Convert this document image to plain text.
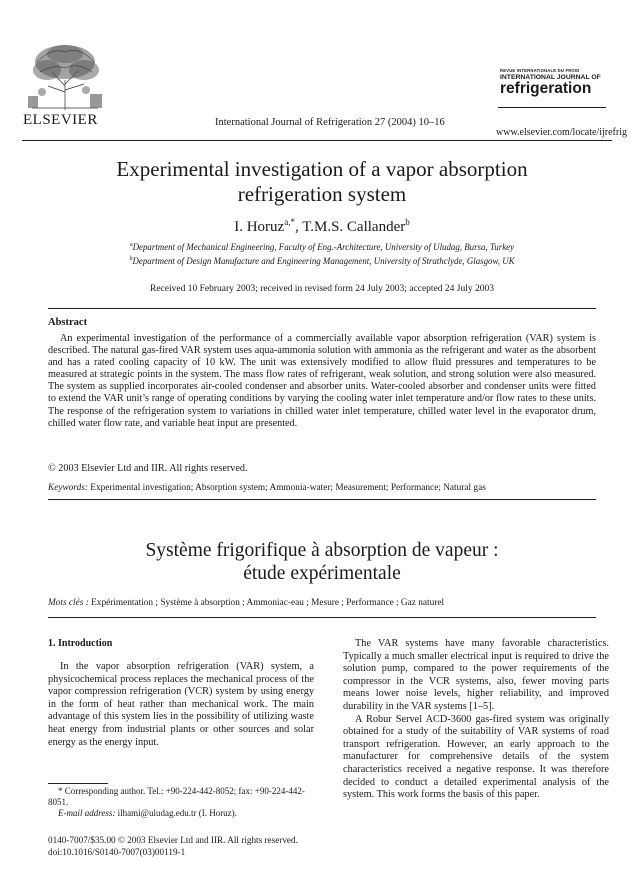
ELSEVIER	International Journal of Refrigeration 27 (2004) 10–16
REVUE INTERNATIONALE DU FROID
INTERNATIONAL JOURNAL OF
refrigeration
www.elsevier.com/locate/ijrefrig
Experimental investigation of a vapor absorption
refrigeration system
I. Horuz$^{a,*}$, T.M.S. Callander$^b$
$^a$Department of Mechanical Engineering, Faculty of Eng.-Architecture, University of Uludag, Bursa, Turkey
$^b$Department of Design Manufacture and Engineering Management, University of Strathclyde, Glasgow, UK
Received 10 February 2003; received in revised form 24 July 2003; accepted 24 July 2003
Abstract
An experimental investigation of the performance of a commercially available vapor absorption refrigeration (VAR) system is described. The natural gas-fired VAR system uses aqua-ammonia solution with ammonia as the refrigerant and water as the absorbent and has a rated cooling capacity of 10 kW. The unit was extensively modified to allow fluid pressures and temperatures to be measured at strategic points in the system. The mass flow rates of refrigerant, weak solution, and strong solution were also measured. The system as supplied incorporates air-cooled condenser and absorber units. Water-cooled absorber and condenser units were fitted to extend the VAR unit’s range of operating conditions by varying the cooling water inlet temperature and/or flow rates to these units. The response of the refrigeration system to variations in chilled water inlet temperature, chilled water level in the evaporator drum, chilled water flow rate, and variable heat input are presented.
© 2003 Elsevier Ltd and IIR. All rights reserved.
Keywords: Experimental investigation; Absorption system; Ammonia-water; Measurement; Performance; Natural gas
Système frigorifique à absorption de vapeur :
étude expérimentale
Mots clés : Expérimentation ; Système à absorption ; Ammoniac-eau ; Mesure ; Performance ; Gaz naturel
1. Introduction

In the vapor absorption refrigeration (VAR) system, a physicochemical process replaces the mechanical process of the vapor compression refrigeration (VCR) system by using energy in the form of heat rather than mechanical work. The main advantage of this system lies in the possibility of utilizing waste heat energy from industrial plants or other sources and solar energy as the energy input.

The VAR systems have many favorable characteristics. Typically a much smaller electrical input is required to drive the solution pump, compared to the power requirements of the compressor in the VCR systems, also, fewer moving parts means lower noise levels, higher reliability, and improved durability in the VAR systems [1–5].

A Robur Servel ACD-3600 gas-fired system was originally obtained for a study of the suitability of VAR systems of road transport refrigeration. However, an early approach to the manufacturer for comprehensive details of the system characteristics received a negative response. It was therefore decided to conduct a detailed experimental analysis of the system. This work forms the basis of this paper.

* Corresponding author. Tel.: +90-224-442-8052; fax: +90-224-442-8051.

E-mail address: ilhami@uludag.edu.tr (I. Horuz).

0140-7007/$35.00 © 2003 Elsevier Ltd and IIR. All rights reserved.
doi:10.1016/S0140-7007(03)00119-1
